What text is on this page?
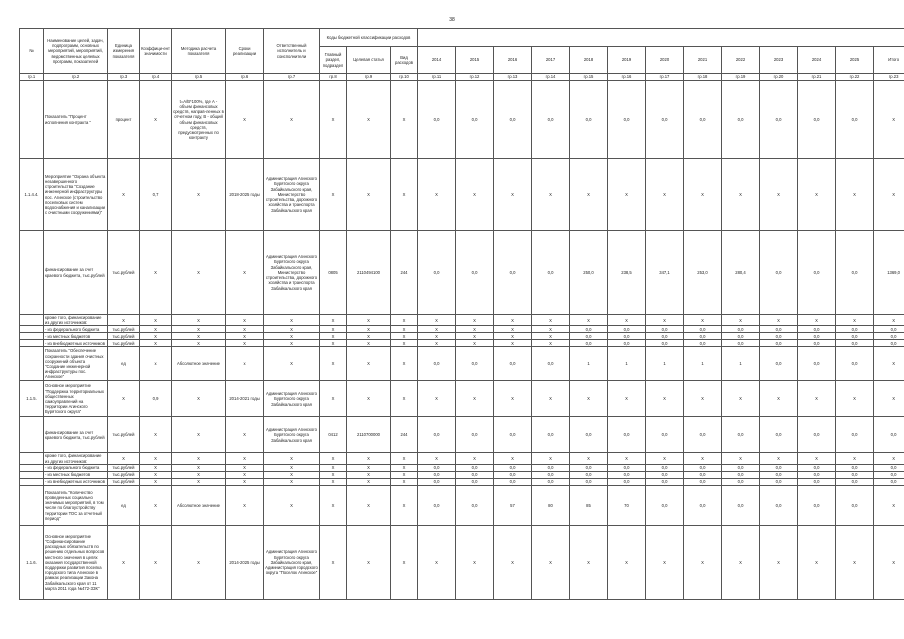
38
№	Наименование целей, задач, подпрограмм, основных мероприятий, мероприятий, ведомственных целевых программ, показателей	Единица измерения показателя	Коэффици-ент значимости	Методика расчета показателя	Сроки реализации	Ответственный исполнитель и соисполнители	Коды бюджетной классификации расходов															
							Главный раздел, подраздел	Целевая статья	Вид расходов	2014	2015	2016	2017	2018	2019	2020	2021	2022	2023	2024	2025	Итого
гр.1	гр.2	гр.3	гр.4	гр.5	гр.6	гр.7	гр.8	гр.9	гр.10	гр.11	гр.12	гр.13	гр.14	гр.15	гр.16	гр.17	гр.18	гр.19	гр.20	гр.21	гр.22	гр.23
	Показатель "Процент исполнения контракта "	процент	Х	t=A/B*100%, где А - объем финансовых средств, направ-ленных в отчетном году, В - общий объем финансовых средств, предусмотренных по контракту	Х	Х	Х	Х	Х	0,0	0,0	0,0	0,0	0,0	0,0	0,0	0,0	0,0	0,0	0,0	0,0	Х
1.1.4.4.	Мероприятие "Охрана объекта незавершенного строительства "Создание инженерной инфраструктуры пос. Агинское (строительство поселковых систем водоснабжения и канализации с очистными сооружениями)"	Х	0,7	Х	2018-2025 годы	Администрация Агинского Бурятского округа Забайкальского края, Министерство строительства, дорожного хозяйства и транспорта Забайкальского края	Х	Х	Х	Х	Х	Х	Х	Х	Х	Х	Х	Х	Х	Х	Х	Х
	финансирование за счет краевого бюджета, тыс.рублей	тыс.рублей	Х	Х	Х	Администрация Агинского Бурятского округа Забайкальского края, Министерство строительства, дорожного хозяйства и транспорта Забайкальского края	0805	2110494100	244	0,0	0,0	0,0	0,0	250,0	238,5	347,1	253,0	280,4	0,0	0,0	0,0	1369,0
	кроме того, финансирование из других источников:	Х	Х	Х	Х	Х	Х	Х	Х	Х	Х	Х	Х	Х	Х	Х	Х	Х	Х	Х	Х	Х
	- из федерального бюджета	тыс.рублей	Х	Х	Х	Х	Х	Х	Х	Х	Х	Х	Х	0,0	0,0	0,0	0,0	0,0	0,0	0,0	0,0	0,0
	- из местных бюджетов	тыс.рублей	Х	Х	Х	Х	Х	Х	Х	Х	Х	Х	Х	0,0	0,0	0,0	0,0	0,0	0,0	0,0	0,0	0,0
	- из внебюджетных источников	тыс.рублей	Х	Х	Х	Х	Х	Х	Х	Х	Х	Х	Х	0,0	0,0	0,0	0,0	0,0	0,0	0,0	0,0	0,0
	Показатель "Обеспечение сохранности здания очистных сооружений объекта "Создание инженерной инфраструктуры пос. Агинское"	ед	х	Абсолютное значение	х	Х	Х	Х	Х	0,0	0,0	0,0	0,0	1	1	1	1	1	0,0	0,0	0,0	Х
1.1.5.	Основное мероприятие "Поддержка территориальных общественных самоуправлений на территории Агинского Бурятского округа"	Х	0,9	Х	2014-2021 годы	Администрация Агинского Бурятского округа Забайкальского края	Х	Х	Х	Х	Х	Х	Х	Х	Х	Х	Х	Х	Х	Х	Х	Х
	финансирование за счет краевого бюджета, тыс.рублей	тыс.рублей	Х	Х	Х	Администрация Агинского Бурятского округа Забайкальского края	0412	2110700000	244	0,0	0,0	0,0	0,0	0,0	0,0	0,0	0,0	0,0	0,0	0,0	0,0	0,0
	кроме того, финансирование из других источников:	Х	Х	Х	Х	Х	Х	Х	Х	Х	Х	Х	Х	Х	Х	Х	Х	Х	Х	Х	Х	Х
	- из федерального бюджета	тыс.рублей	Х	Х	Х	Х	Х	Х	Х	0,0	0,0	0,0	0,0	0,0	0,0	0,0	0,0	0,0	0,0	0,0	0,0	0,0
	- из местных бюджетов	тыс.рублей	Х	Х	Х	Х	Х	Х	Х	0,0	0,0	0,0	0,0	0,0	0,0	0,0	0,0	0,0	0,0	0,0	0,0	0,0
	- из внебюджетных источников	тыс.рублей	Х	Х	Х	Х	Х	Х	Х	0,0	0,0	0,0	0,0	0,0	0,0	0,0	0,0	0,0	0,0	0,0	0,0	0,0
	Показатель "Количество проведенных социально значимых мероприятий, в том числе по благоустройству территории ТОС за отчетный период"	ед	Х	Абсолютное значение	Х	Х	Х	Х	Х	0,0	0,0	57	80	85	70	0,0	0,0	0,0	0,0	0,0	0,0	Х
1.1.6.	Основное мероприятие "Софинансирование расходных обязательств по решению отдельных вопросов местного значения в целях оказания государственной поддержки развития поселка городского типа Агинское в рамках реализации Закона Забайкальского края от 11 марта 2011 года №472-ЗЗК"	Х	Х	Х	2014-2025 годы	Администрация Агинского Бурятского округа Забайкальского края, Администрация городского округа "Поселок Агинское"	Х	Х	Х	Х	Х	Х	Х	Х	Х	Х	Х	Х	Х	Х	Х	Х
